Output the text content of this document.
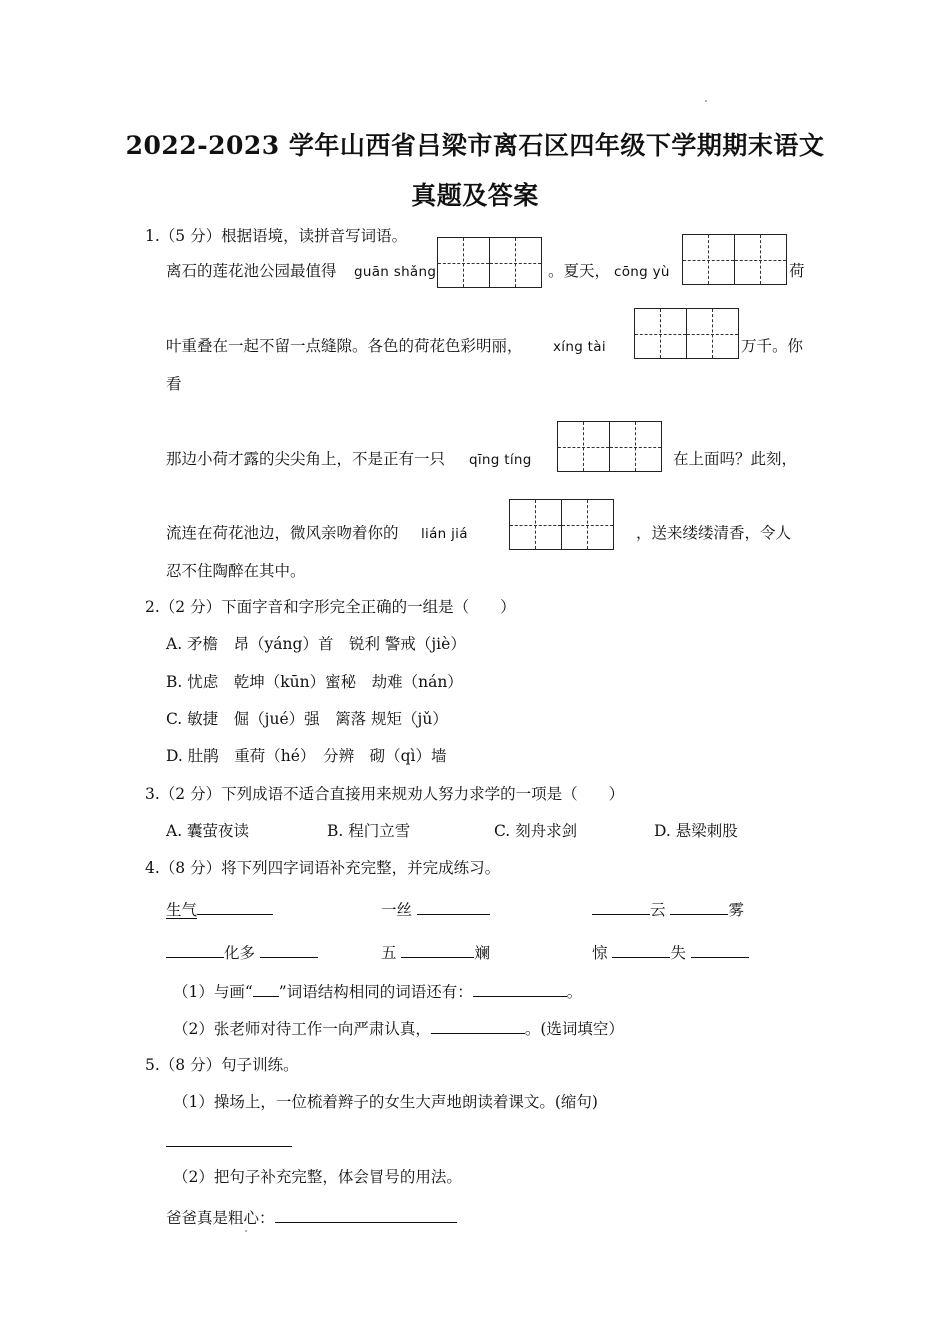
2022-2023 学年山西省吕梁市离石区四年级下学期期末语文
真题及答案
1.（5 分）根据语境，读拼音写词语。
离石的莲花池公园最值得 guān shǎng	。夏天， cōng yù	荷
叶重叠在一起不留一点缝隙。各色的荷花色彩明丽， xíng tài	万千。你
看
那边小荷才露的尖尖角上，不是正有一只 qīng tíng	在上面吗？此刻，
流连在荷花池边，微风亲吻着你的 lián jiá	，送来缕缕清香，令人
忍不住陶醉在其中。
2.（2 分）下面字音和字形完全正确的一组是（　　）
A. 矛檐　昂（yáng）首　锐利 警戒（jiè）
B. 忧虑　乾坤（kūn）蜜秘　劫难（nán）
C. 敏捷　倔（jué）强　篱落 规矩（jǔ）
D. 肚鹃　重荷（hé）　分辨　砌（qì）墙
3.（2 分）下列成语不适合直接用来规劝人努力求学的一项是（　　）
A. 囊萤夜读	B. 程门立雪	C. 刻舟求剑	D. 悬梁刺股
4.（8 分）将下列四字词语补充完整，并完成练习。
生气	一丝	云	雾
化多	五	斓	惊	失
（1）与画“ ”词语结构相同的词语还有：	。
（2）张老师对待工作一向严肃认真，	。(选词填空）
5.（8 分）句子训练。
（1）操场上，一位梳着辫子的女生大声地朗读着课文。(缩句)
（2）把句子补充完整，体会冒号的用法。
爸爸真是粗心：
